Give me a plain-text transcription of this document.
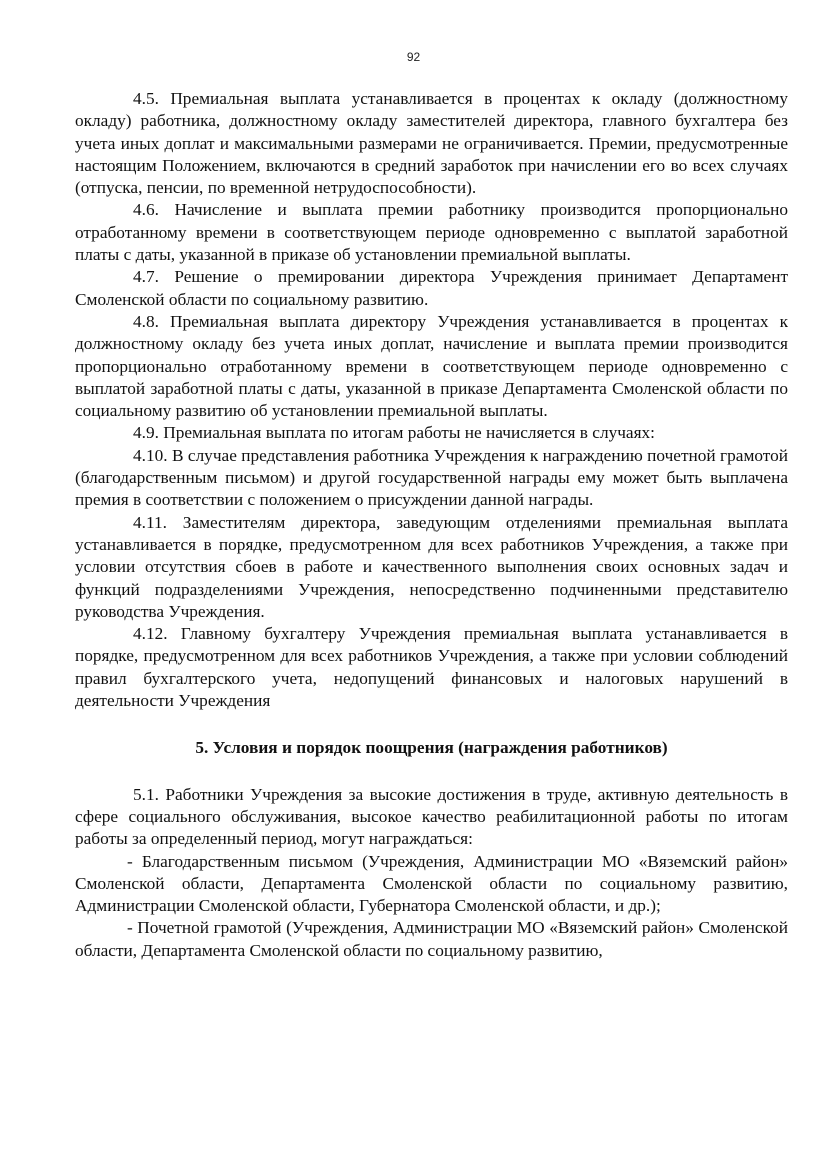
92

4.5. Премиальная выплата устанавливается в процентах к окладу (должностному окладу) работника, должностному окладу заместителей директора, главного бухгалтера без учета иных доплат и максимальными размерами не ограничивается. Премии, предусмотренные настоящим Положением, включаются в средний заработок при начислении его во всех случаях (отпуска, пенсии, по временной нетрудоспособности).

4.6. Начисление и выплата премии работнику производится пропорционально отработанному времени в соответствующем периоде одновременно с выплатой заработной платы с даты, указанной в приказе об установлении премиальной выплаты.

4.7. Решение о премировании директора Учреждения принимает Департамент Смоленской области по социальному развитию.

4.8. Премиальная выплата директору Учреждения устанавливается в процентах к должностному окладу без учета иных доплат, начисление и выплата премии производится пропорционально отработанному времени в соответствующем периоде одновременно с выплатой заработной платы с даты, указанной в приказе Департамента Смоленской области по социальному развитию об установлении премиальной выплаты.

4.9. Премиальная выплата по итогам работы не начисляется в случаях:

4.10. В случае представления работника Учреждения к награждению почетной грамотой (благодарственным письмом) и другой государственной награды ему может быть выплачена премия в соответствии с положением о присуждении данной награды.

4.11. Заместителям директора, заведующим отделениями премиальная выплата устанавливается в порядке, предусмотренном для всех работников Учреждения, а также при условии отсутствия сбоев в работе и качественного выполнения своих основных задач и функций подразделениями Учреждения, непосредственно подчиненными представителю руководства Учреждения.

4.12. Главному бухгалтеру Учреждения премиальная выплата устанавливается в порядке, предусмотренном для всех работников Учреждения, а также при условии соблюдений правил бухгалтерского учета, недопущений финансовых и налоговых нарушений в деятельности Учреждения

5. Условия и порядок поощрения (награждения работников)

5.1. Работники Учреждения за высокие достижения в труде, активную деятельность в сфере социального обслуживания, высокое качество реабилитационной работы по итогам работы за определенный период, могут награждаться:

- Благодарственным письмом (Учреждения, Администрации МО «Вяземский район» Смоленской области, Департамента Смоленской области по социальному развитию, Администрации Смоленской области, Губернатора Смоленской области, и др.);

- Почетной грамотой (Учреждения, Администрации МО «Вяземский район» Смоленской области, Департамента Смоленской области по социальному развитию,
